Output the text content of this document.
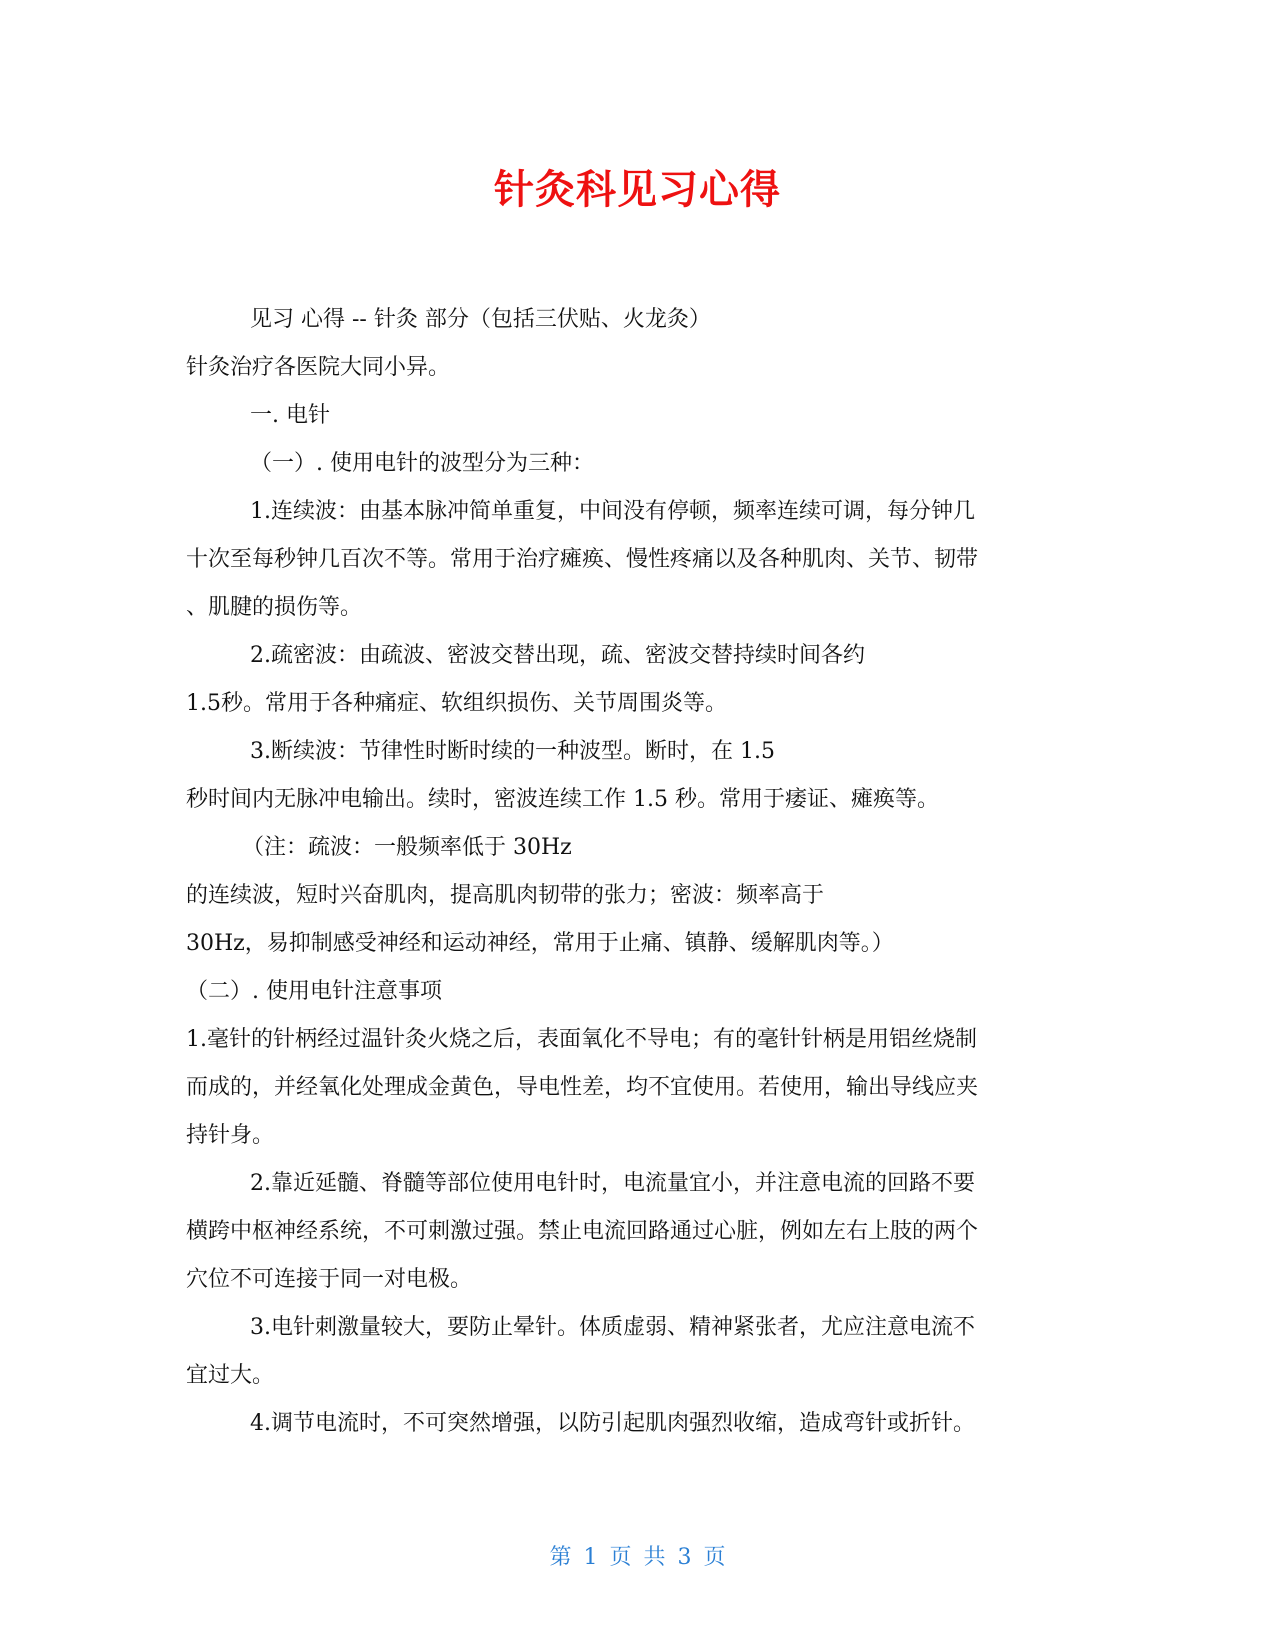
针灸科见习心得
见习 心得 -- 针灸 部分（包括三伏贴、火龙灸）
针灸治疗各医院大同小异。
一. 电针
（一）. 使用电针的波型分为三种：
1.连续波：由基本脉冲简单重复，中间没有停顿，频率连续可调，每分钟几
十次至每秒钟几百次不等。常用于治疗瘫痪、慢性疼痛以及各种肌肉、关节、韧带
、肌腱的损伤等。
2.疏密波：由疏波、密波交替出现，疏、密波交替持续时间各约
1.5秒。常用于各种痛症、软组织损伤、关节周围炎等。
3.断续波：节律性时断时续的一种波型。断时，在 1.5
秒时间内无脉冲电输出。续时，密波连续工作 1.5 秒。常用于痿证、瘫痪等。
（注：疏波：一般频率低于 30Hz
的连续波，短时兴奋肌肉，提高肌肉韧带的张力；密波：频率高于
30Hz，易抑制感受神经和运动神经，常用于止痛、镇静、缓解肌肉等。）
（二）. 使用电针注意事项
1.毫针的针柄经过温针灸火烧之后，表面氧化不导电；有的毫针针柄是用铝丝烧制
而成的，并经氧化处理成金黄色，导电性差，均不宜使用。若使用，输出导线应夹
持针身。
2.靠近延髓、脊髓等部位使用电针时，电流量宜小，并注意电流的回路不要
横跨中枢神经系统，不可刺激过强。禁止电流回路通过心脏，例如左右上肢的两个
穴位不可连接于同一对电极。
3.电针刺激量较大，要防止晕针。体质虚弱、精神紧张者，尤应注意电流不
宜过大。
4.调节电流时，不可突然增强，以防引起肌肉强烈收缩，造成弯针或折针。
第 1 页 共 3 页
